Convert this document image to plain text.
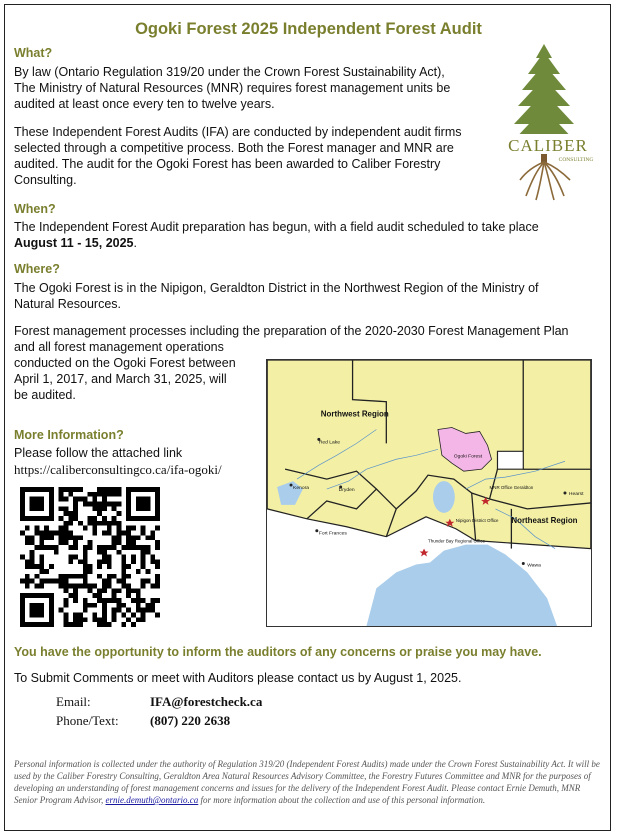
Ogoki Forest 2025 Independent Forest Audit
What?
By law (Ontario Regulation 319/20 under the Crown Forest Sustainability Act),
The Ministry of Natural Resources (MNR) requires forest management units be
audited at least once every ten to twelve years.
These Independent Forest Audits (IFA) are conducted by independent audit firms
selected through a competitive process. Both the Forest manager and MNR are
audited. The audit for the Ogoki Forest has been awarded to Caliber Forestry
Consulting.
When?
The Independent Forest Audit preparation has begun, with a field audit scheduled to take place
August 11 - 15, 2025.
Where?
The Ogoki Forest is in the Nipigon, Geraldton District in the Northwest Region of the Ministry of
Natural Resources.
Forest management processes including the preparation of the 2020-2030 Forest Management Plan
and all forest management operations
conducted on the Ogoki Forest between
April 1, 2017, and March 31, 2025, will
be audited.
More Information?
Please follow the attached link
https://caliberconsultingco.ca/ifa-ogoki/
CALIBER
CONSULTING
Northwest Region
Northeast Region
Red Lake
Kenora	Dryden
Fort Frances
Ogoki Forest
MNR Office Geraldton
Nipigon District Office
Thunder Bay Regional Office
Hearst
Wawa
You have the opportunity to inform the auditors of any concerns or praise you may have.
To Submit Comments or meet with Auditors please contact us by August 1, 2025.
Email:	IFA@forestcheck.ca
Phone/Text: (807) 220 2638
Personal information is collected under the authority of Regulation 319/20 (Independent Forest Audits) made under the Crown Forest Sustainability Act. It will be used by the Caliber Forestry Consulting, Geraldton Area Natural Resources Advisory Committee, the Forestry Futures Committee and MNR for the purposes of developing an understanding of forest management concerns and issues for the delivery of the Independent Forest Audit. Please contact Ernie Demuth, MNR Senior Program Advisor, ernie.demuth@ontario.ca for more information about the collection and use of this personal information.
